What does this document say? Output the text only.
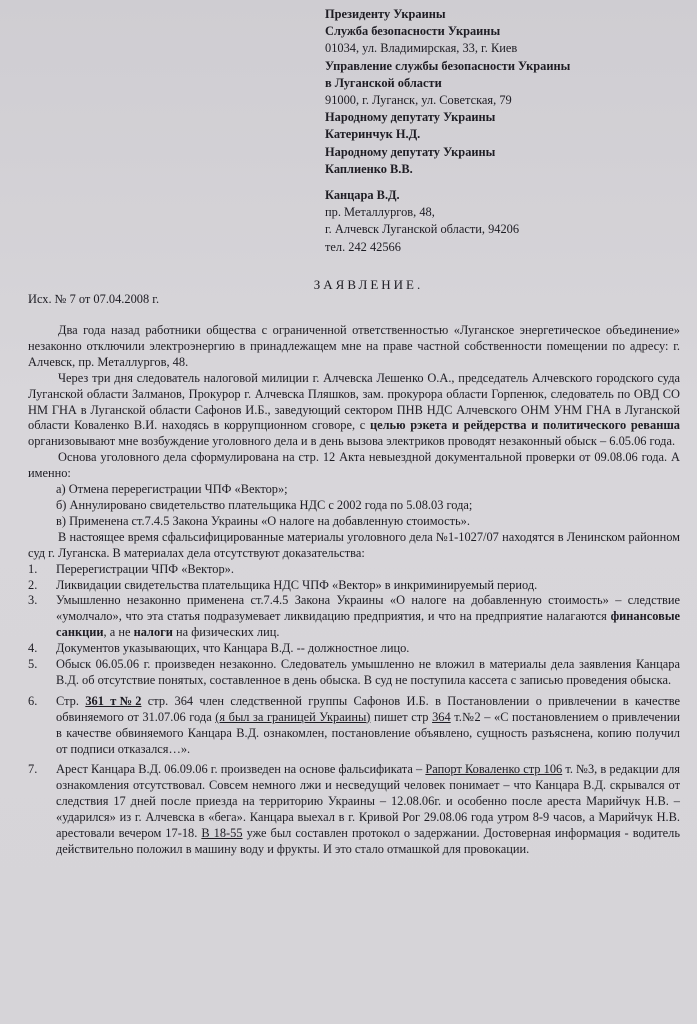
Президенту Украины
Служба безопасности Украины
01034, ул. Владимирская, 33, г. Киев
Управление службы безопасности Украины
в Луганской области
91000, г. Луганск, ул. Советская, 79
Народному депутату Украины
Катеринчук Н.Д.
Народному депутату Украины
Каплиенко В.В.
Канцара В.Д.
пр. Металлургов, 48,
г. Алчевск Луганской области, 94206
тел. 242 42566
ЗАЯВЛЕНИЕ.
Исх. № 7 от 07.04.2008 г.

Два года назад работники общества с ограниченной ответственностью «Луганское энергетическое объединение» незаконно отключили электроэнергию в принадлежащем мне на праве частной собственности помещении по адресу: г. Алчевск, пр. Металлургов, 48.

Через три дня следователь налоговой милиции г. Алчевска Лешенко О.А., председатель Алчевского городского суда Луганской области Залманов, Прокурор г. Алчевска Пляшков, зам. прокурора области Горпенюк, следователь по ОВД СО НМ ГНА в Луганской области Сафонов И.Б., заведующий сектором ПНВ НДС Алчевского ОНМ УНМ ГНА в Луганской области Коваленко В.И. находясь в коррупционном сговоре, с целью рэкета и рейдерства и политического реванша организовывают мне возбуждение уголовного дела и в день вызова электриков проводят незаконный обыск – 6.05.06 года.

Основа уголовного дела сформулирована на стр. 12 Акта невыездной документальной проверки от 09.08.06 года. А именно:

а) Отмена перерегистрации ЧПФ «Вектор»;

б) Аннулировано свидетельство плательщика НДС с 2002 года по 5.08.03 года;

в) Применена ст.7.4.5 Закона Украины «О налоге на добавленную стоимость».

В настоящее время сфальсифицированные материалы уголовного дела №1-1027/07 находятся в Ленинском районном суд г. Луганска. В материалах дела отсутствуют доказательства:

1.	Перерегистрации ЧПФ «Вектор».
2.	Ликвидации свидетельства плательщика НДС ЧПФ «Вектор» в инкриминируемый период.
3.	Умышленно незаконно применена ст.7.4.5 Закона Украины «О налоге на добавленную стоимость» – следствие «умолчало», что эта статья подразумевает ликвидацию предприятия, и что на предприятие налагаются финансовые санкции, а не налоги на физических лиц.
4.	Документов указывающих, что Канцара В.Д. -- должностное лицо.
5.	Обыск 06.05.06 г. произведен незаконно. Следователь умышленно не вложил в материалы дела заявления Канцара В.Д. об отсутствие понятых, составленное в день обыска. В суд не поступила кассета с записью проведения обыска.
6.	Стр. 361 т№2 стр. 364 член следственной группы Сафонов И.Б. в Постановлении о привлечении в качестве обвиняемого от 31.07.06 года (я был за границей Украины) пишет стр 364 т.№2 – «С постановлением о привлечении в качестве обвиняемого Канцара В.Д. ознакомлен, постановление объявлено, сущность разъяснена, копию получил от подписи отказался…».
7.	Арест Канцара В.Д. 06.09.06 г. произведен на основе фальсификата – Рапорт Коваленко стр 106 т. №3, в редакции для ознакомления отсутствовал. Совсем немного лжи и несведущий человек понимает – что Канцара В.Д. скрывался от следствия 17 дней после приезда на территорию Украины – 12.08.06г. и особенно после ареста Марийчук Н.В. – «ударился» из г. Алчевска в «бега». Канцара выехал в г. Кривой Рог 29.08.06 года утром 8-9 часов, а Марийчук Н.В. арестовали вечером 17-18. В 18-55 уже был составлен протокол о задержании. Достоверная информация - водитель действительно положил в машину воду и фрукты. И это стало отмашкой для провокации.
